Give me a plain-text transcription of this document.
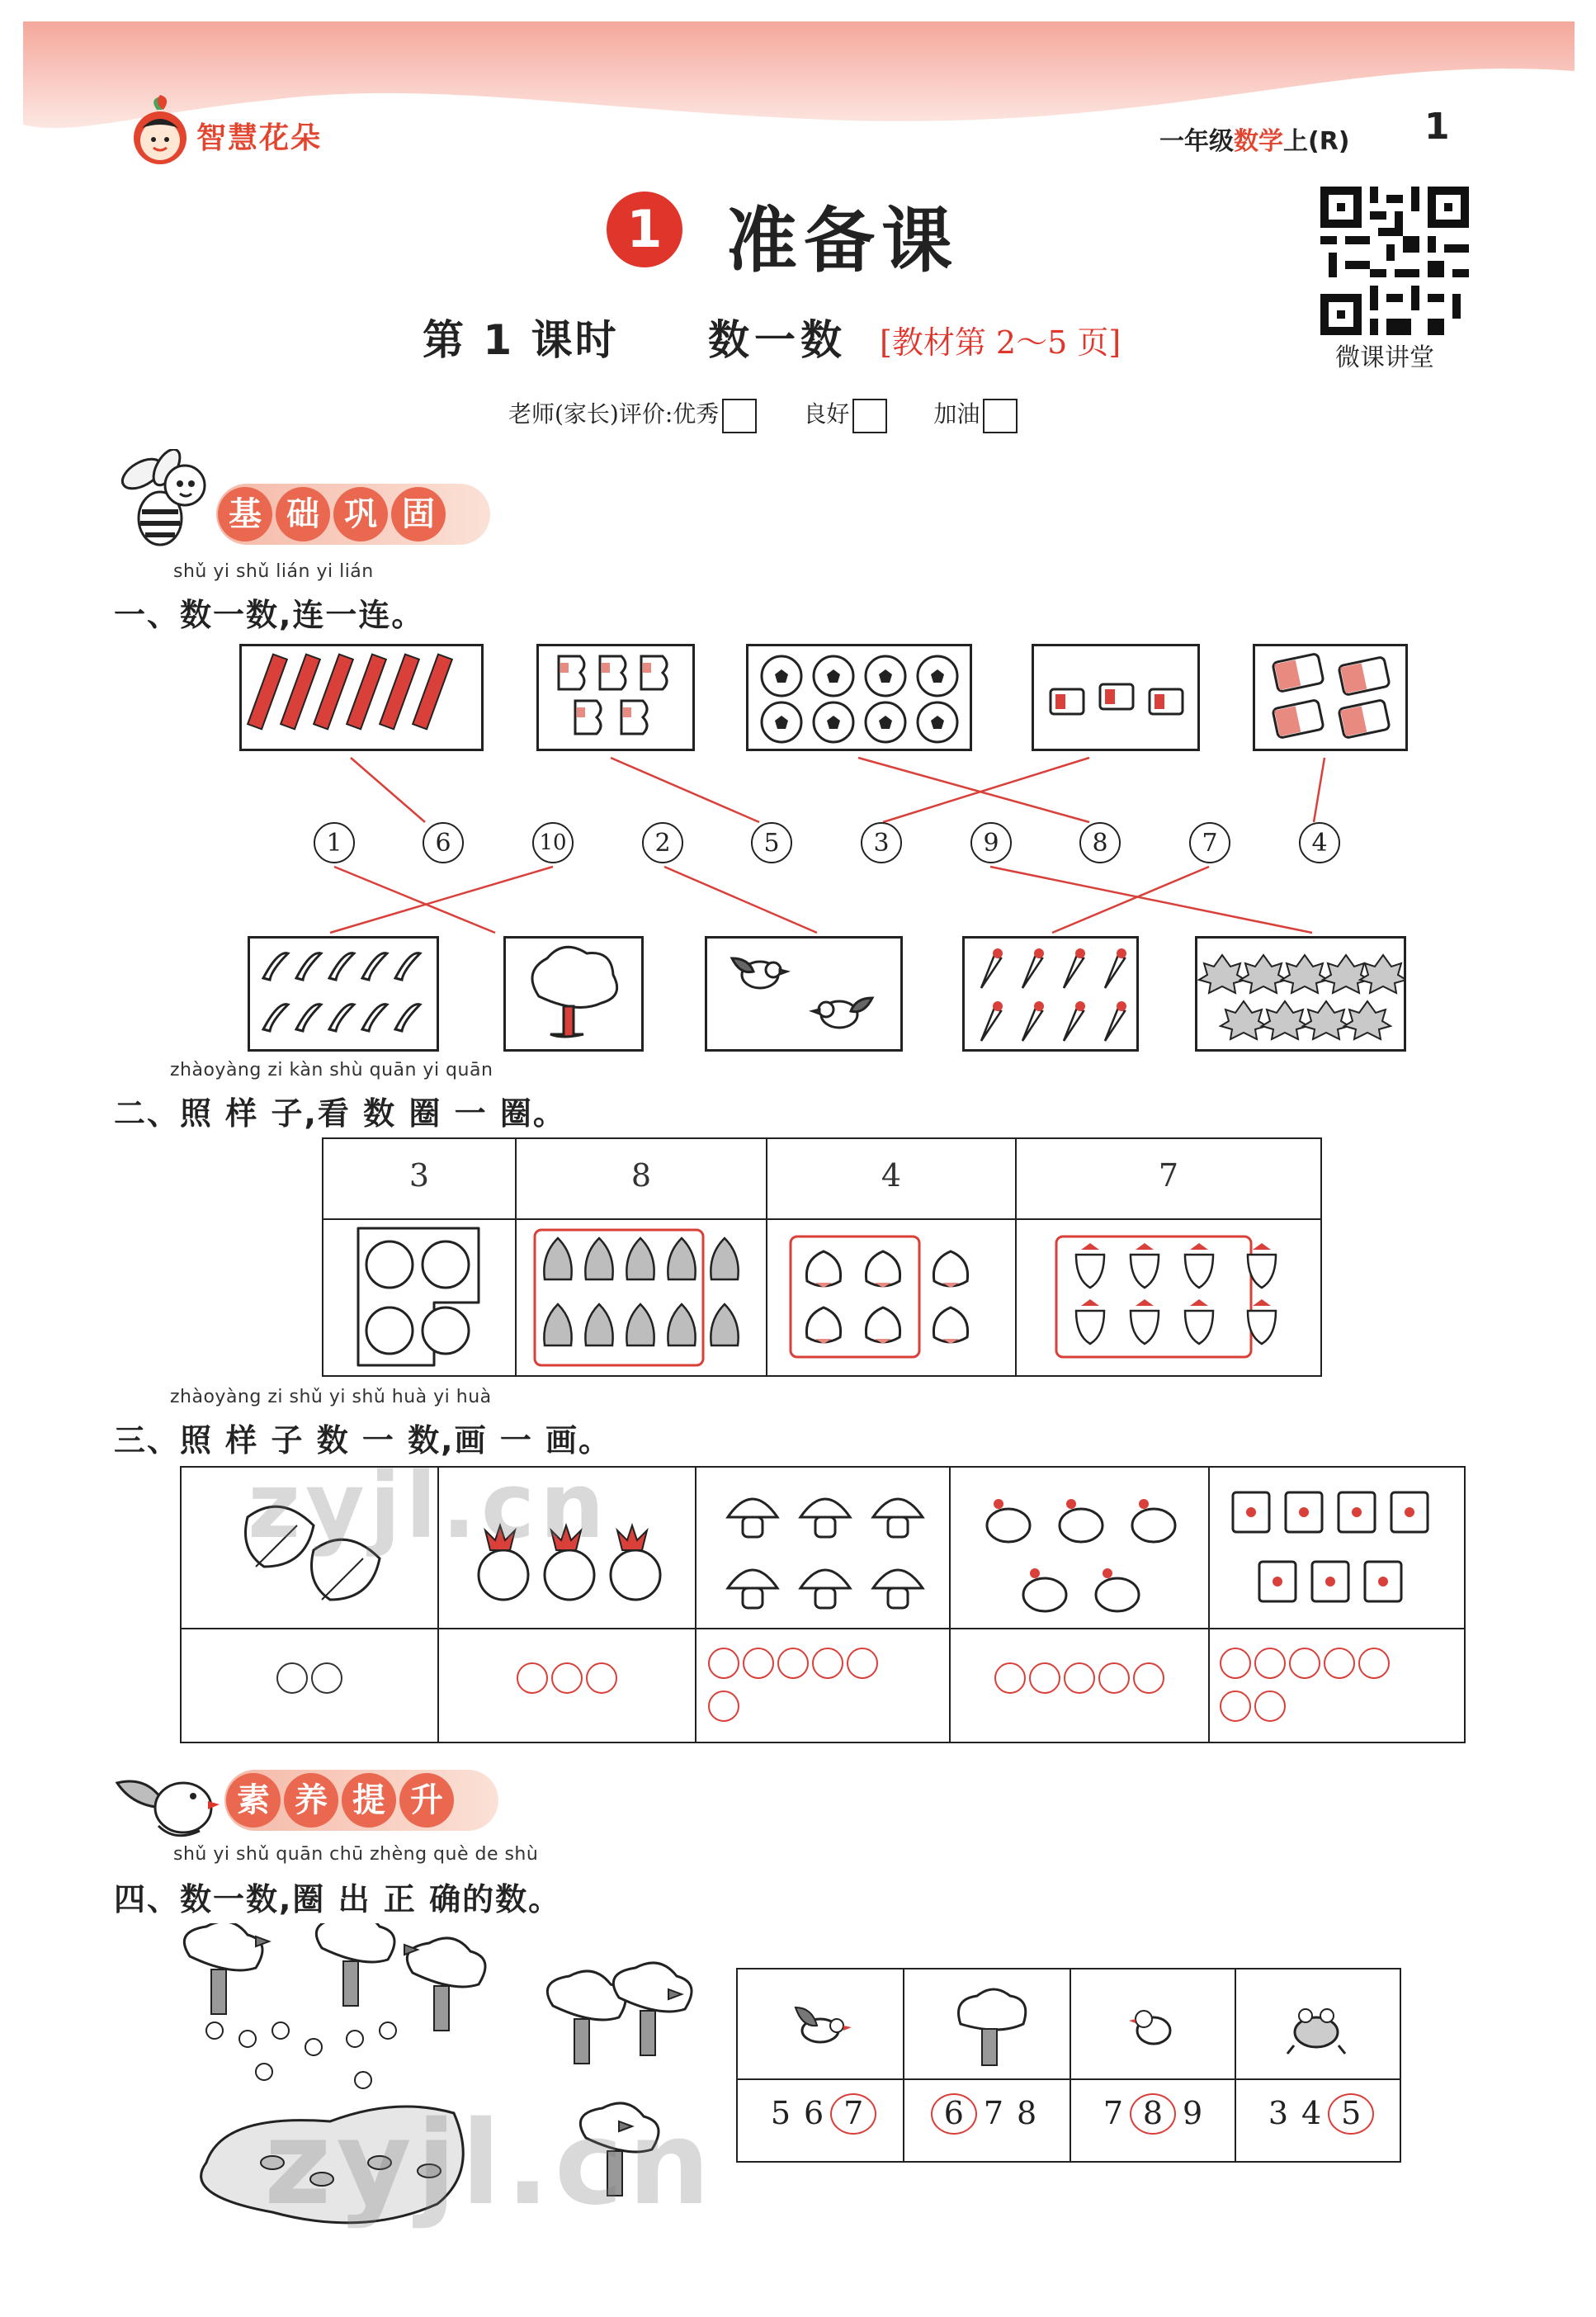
智慧花朵	一年级数学上(R) 1
微课讲堂
1 准备课
第 1 课时 数一数 [教材第 2～5 页]
老师(家长)评价:优秀	良好	加油
基 础 巩 固
shǔ yi shǔ lián yi lián
一、数一数,连一连。
1	6	10	2	5	3	9	8	7	4
zhàoyàng zi kàn shù quān yi quān
二、照 样 子,看 数 圈 一 圈。
3	8	4	7
zhàoyàng zi shǔ yi shǔ huà yi huà
三、照 样 子 数 一 数,画 一 画。

素 养 提 升
shǔ yi shǔ quān chū zhèng què de shù
四、数一数,圈 出 正 确的数。
5 6 7	6 7 8	7 8 9	3 4 5
zyjl.cn
zyjl.cn
